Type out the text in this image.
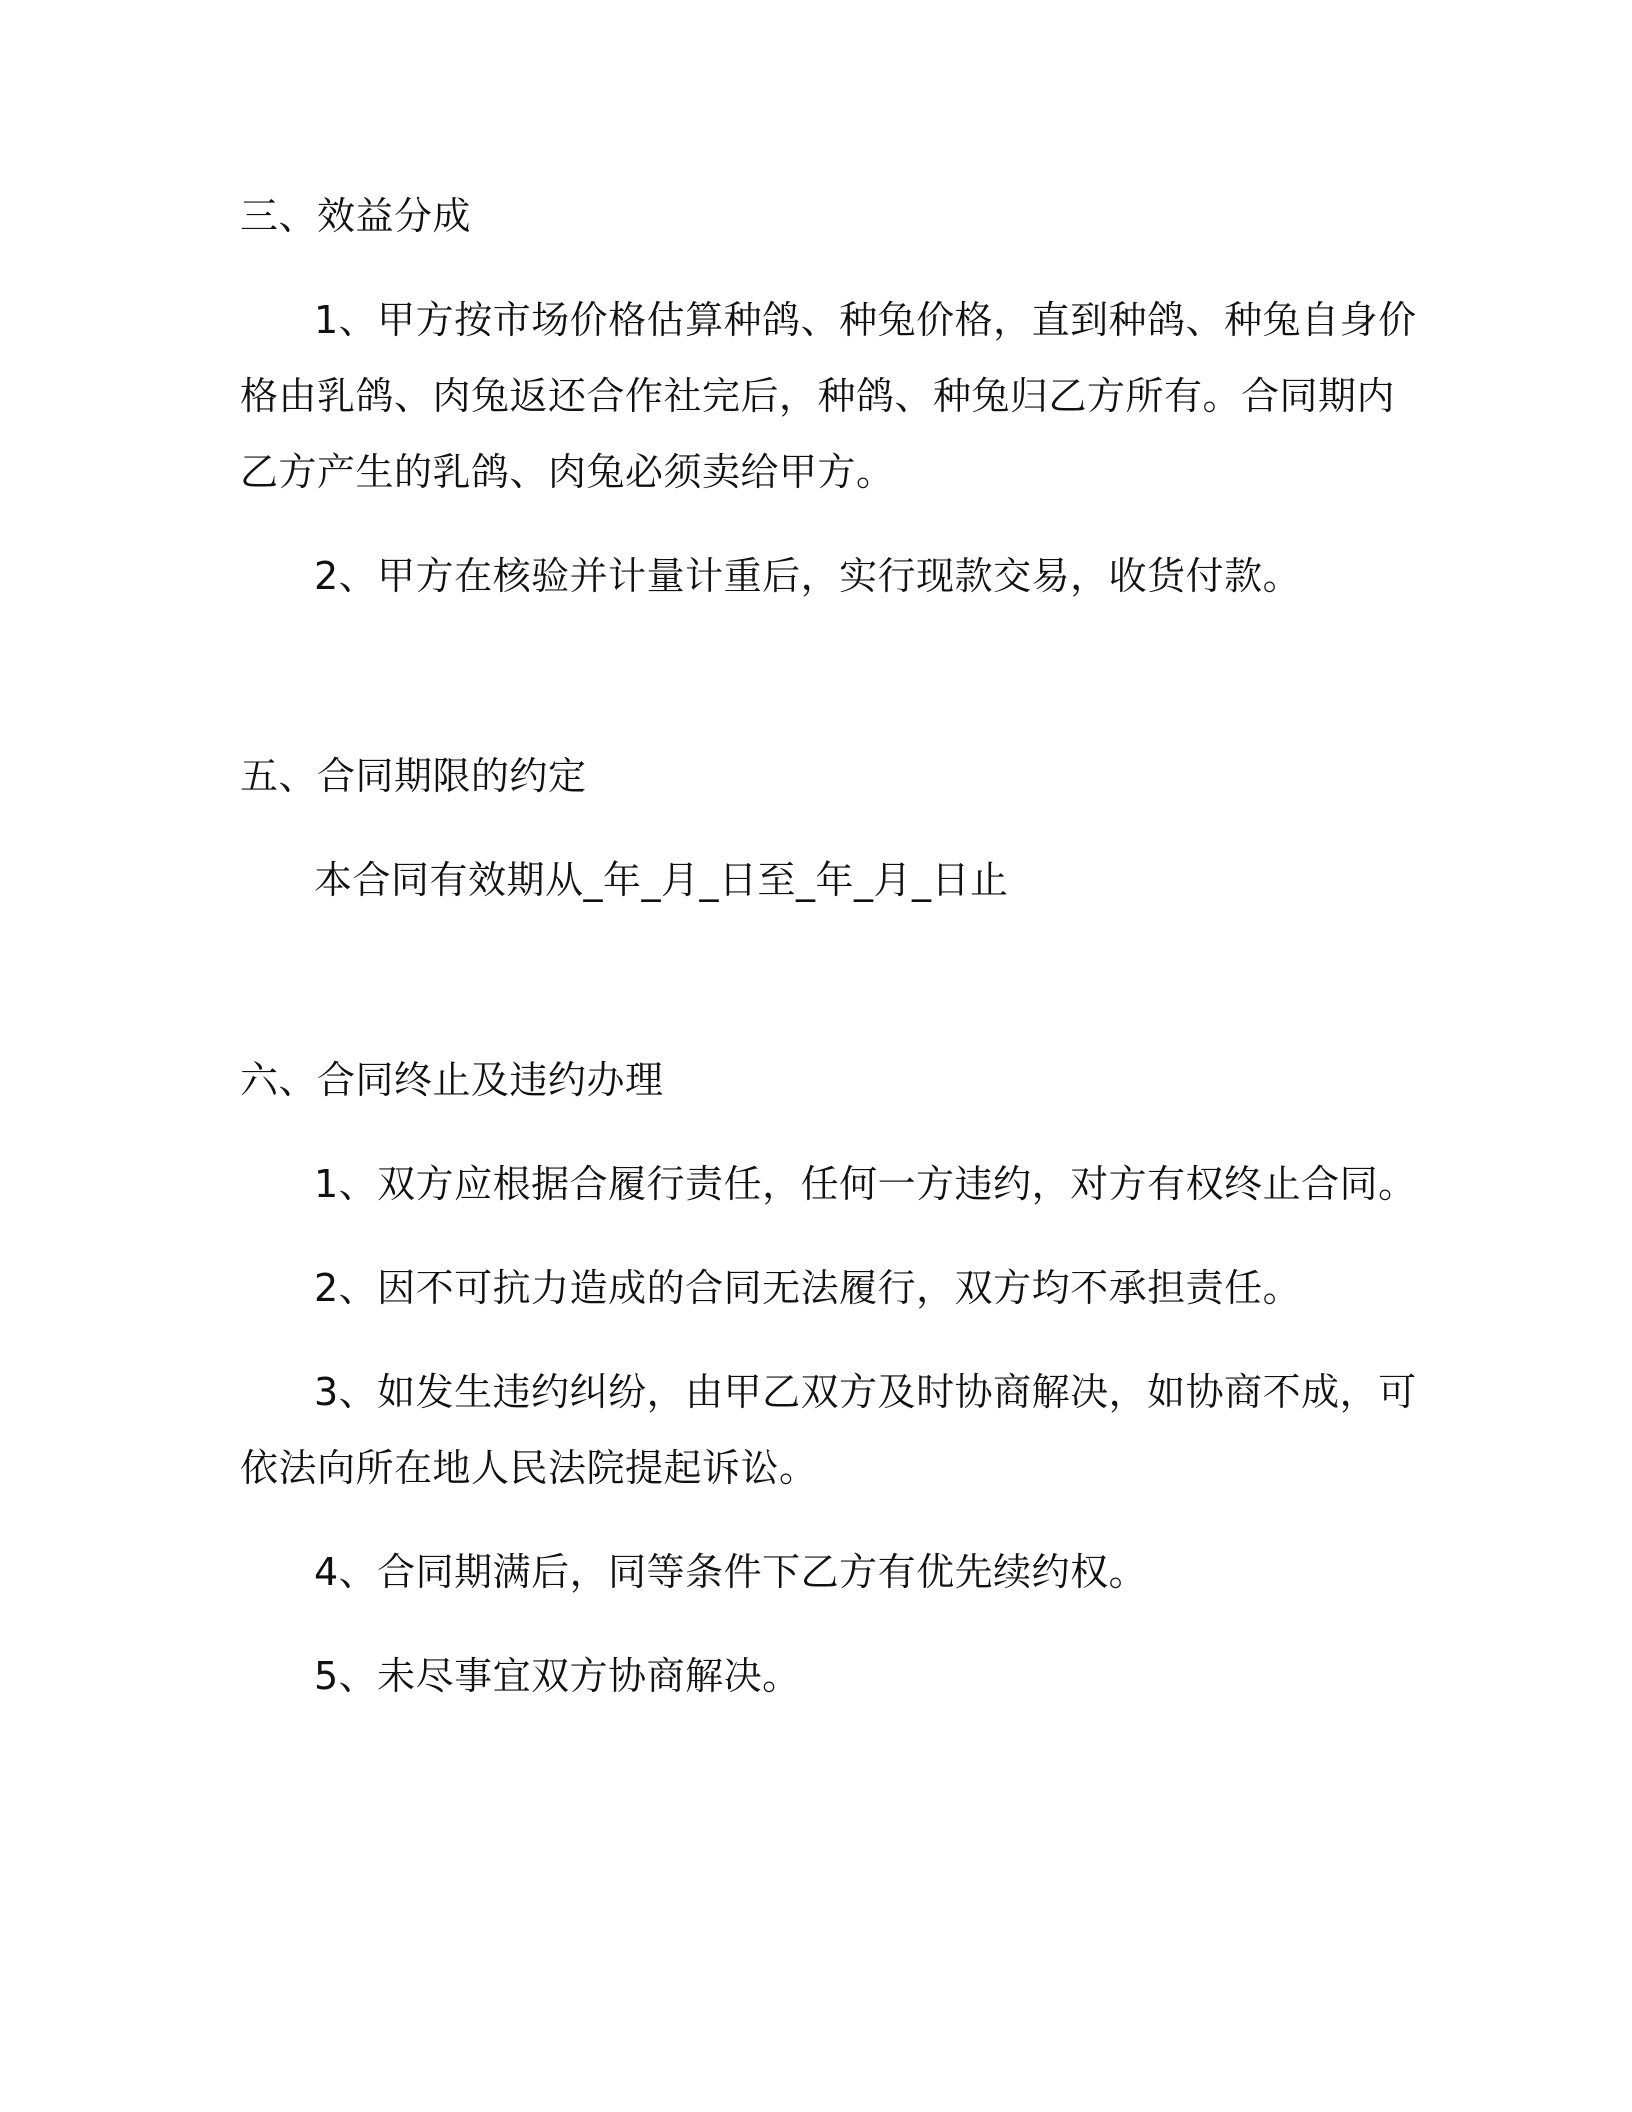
三、效益分成
1、甲方按市场价格估算种鸽、种兔价格，直到种鸽、种兔自身价
格由乳鸽、肉兔返还合作社完后，种鸽、种兔归乙方所有。合同期内
乙方产生的乳鸽、肉兔必须卖给甲方。
2、甲方在核验并计量计重后，实行现款交易，收货付款。
五、合同期限的约定
本合同有效期从_年_月_日至_年_月_日止
六、合同终止及违约办理
1、双方应根据合履行责任，任何一方违约，对方有权终止合同。
2、因不可抗力造成的合同无法履行，双方均不承担责任。
3、如发生违约纠纷，由甲乙双方及时协商解决，如协商不成，可
依法向所在地人民法院提起诉讼。
4、合同期满后，同等条件下乙方有优先续约权。
5、未尽事宜双方协商解决。
